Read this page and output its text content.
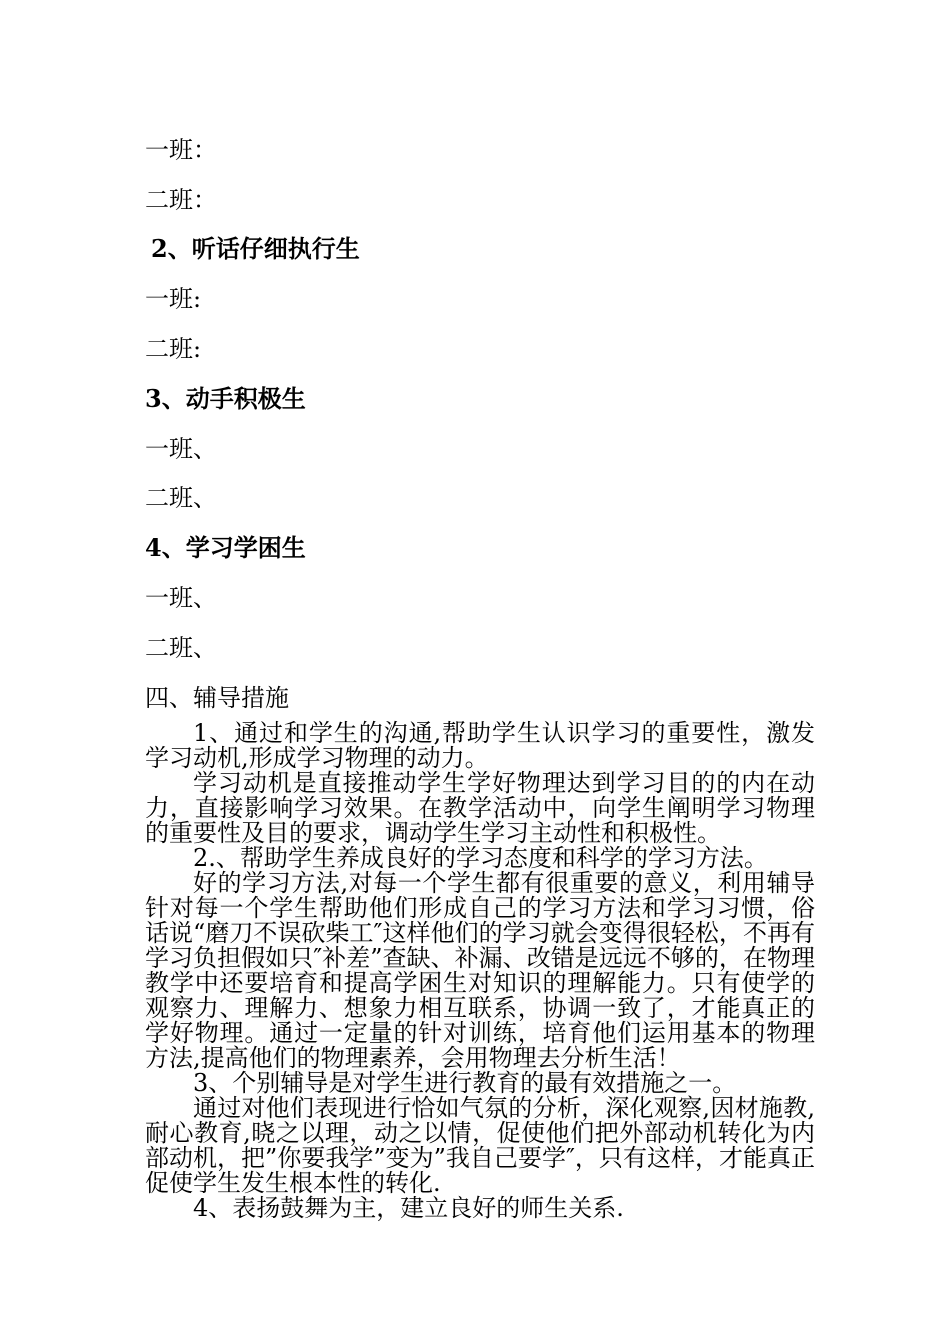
一班：
二班：
2、听话仔细执行生
一班:
二班:
3、动手积极生
一班、
二班、
4、学习学困生
一班、
二班、
四、辅导措施

1、通过和学生的沟通,帮助学生认识学习的重要性，激发学习动机,形成学习物理的动力。

学习动机是直接推动学生学好物理达到学习目的的内在动力，直接影响学习效果。在教学活动中，向学生阐明学习物理的重要性及目的要求，调动学生学习主动性和积极性。

2.、帮助学生养成良好的学习态度和科学的学习方法。

好的学习方法,对每一个学生都有很重要的意义，利用辅导针对每一个学生帮助他们形成自己的学习方法和学习习惯，俗话说“磨刀不误砍柴工″这样他们的学习就会变得很轻松，不再有学习负担假如只″补差”查缺、补漏、改错是远远不够的，在物理教学中还要培育和提高学困生对知识的理解能力。只有使学的观察力、理解力、想象力相互联系，协调一致了，才能真正的学好物理。通过一定量的针对训练，培育他们运用基本的物理方法,提高他们的物理素养，会用物理去分析生活！

3、个别辅导是对学生进行教育的最有效措施之一。

通过对他们表现进行恰如气氛的分析，深化观察,因材施教,耐心教育,晓之以理，动之以情，促使他们把外部动机转化为内部动机，把”你要我学”变为”我自己要学″，只有这样，才能真正促使学生发生根本性的转化.

4、表扬鼓舞为主，建立良好的师生关系.
